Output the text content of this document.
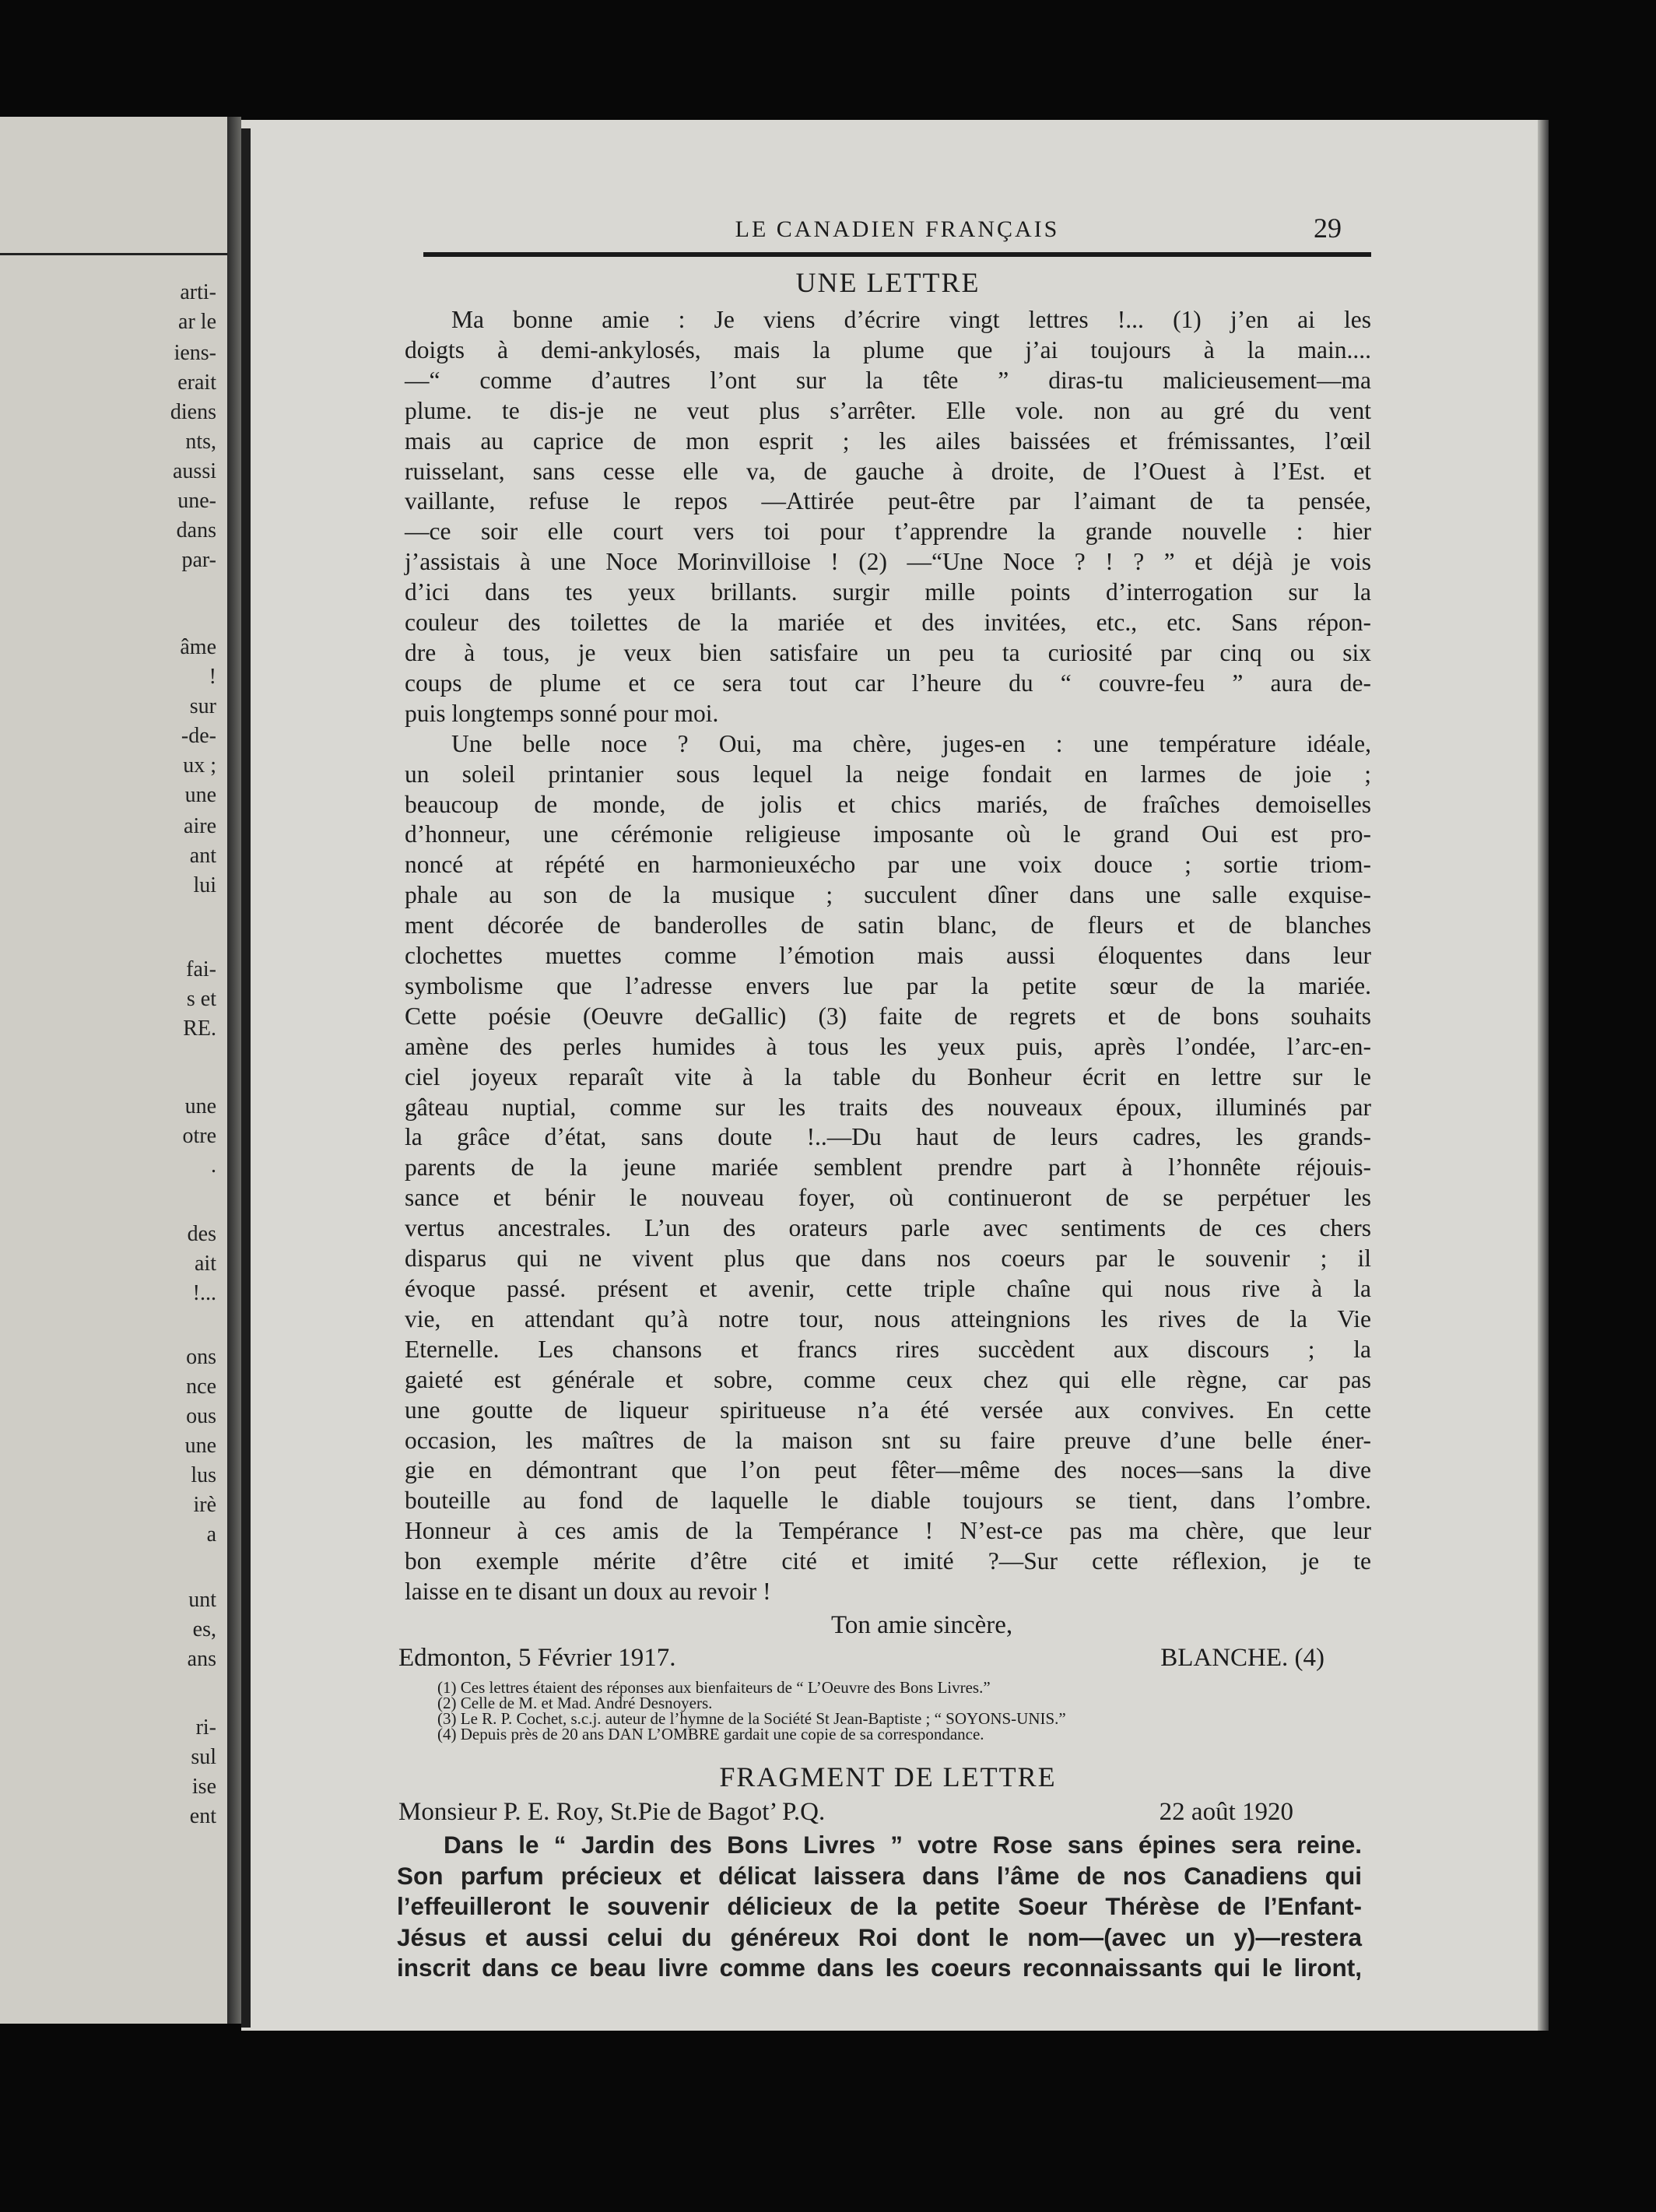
arti-
ar le
iens-
erait
diens
nts,
aussi
une-
dans
par-
âme
!
sur
-de-
ux ;
une
aire
ant
lui
fai-
s et
RE.
une
otre
.
des
ait
!...
ons
nce
ous
une
lus
irè
a
unt
es,
ans
ri-
sul
ise
ent
LE CANADIEN FRANÇAIS	29
UNE LETTRE

Ma bonne amie : Je viens d’écrire vingt lettres !... (1) j’en ai les

doigts à demi-ankylosés, mais la plume que j’ai toujours à la main....

—“ comme d’autres l’ont sur la tête ” diras-tu malicieusement—ma

plume. te dis-je ne veut plus s’arrêter. Elle vole. non au gré du vent

mais au caprice de mon esprit ; les ailes baissées et frémissantes, l’œil

ruisselant, sans cesse elle va, de gauche à droite, de l’Ouest à l’Est. et

vaillante, refuse le repos —Attirée peut-être par l’aimant de ta pensée,

—ce soir elle court vers toi pour t’apprendre la grande nouvelle : hier

j’assistais à une Noce Morinvilloise ! (2) —“Une Noce ? ! ? ” et déjà je vois

d’ici dans tes yeux brillants. surgir mille points d’interrogation sur la

couleur des toilettes de la mariée et des invitées, etc., etc. Sans répon-

dre à tous, je veux bien satisfaire un peu ta curiosité par cinq ou six

coups de plume et ce sera tout car l’heure du “ couvre-feu ” aura de-

puis longtemps sonné pour moi.

Une belle noce ? Oui, ma chère, juges-en : une température idéale,

un soleil printanier sous lequel la neige fondait en larmes de joie ;

beaucoup de monde, de jolis et chics mariés, de fraîches demoiselles

d’honneur, une cérémonie religieuse imposante où le grand Oui est pro-

noncé at répété en harmonieuxécho par une voix douce ; sortie triom-

phale au son de la musique ; succulent dîner dans une salle exquise-

ment décorée de banderolles de satin blanc, de fleurs et de blanches

clochettes muettes comme l’émotion mais aussi éloquentes dans leur

symbolisme que l’adresse envers lue par la petite sœur de la mariée.

Cette poésie (Oeuvre deGallic) (3) faite de regrets et de bons souhaits

amène des perles humides à tous les yeux puis, après l’ondée, l’arc-en-

ciel joyeux reparaît vite à la table du Bonheur écrit en lettre sur le

gâteau nuptial, comme sur les traits des nouveaux époux, illuminés par

la grâce d’état, sans doute !..—Du haut de leurs cadres, les grands-

parents de la jeune mariée semblent prendre part à l’honnête réjouis-

sance et bénir le nouveau foyer, où continueront de se perpétuer les

vertus ancestrales. L’un des orateurs parle avec sentiments de ces chers

disparus qui ne vivent plus que dans nos coeurs par le souvenir ; il

évoque passé. présent et avenir, cette triple chaîne qui nous rive à la

vie, en attendant qu’à notre tour, nous atteingnions les rives de la Vie

Eternelle. Les chansons et francs rires succèdent aux discours ; la

gaieté est générale et sobre, comme ceux chez qui elle règne, car pas

une goutte de liqueur spiritueuse n’a été versée aux convives. En cette

occasion, les maîtres de la maison snt su faire preuve d’une belle éner-

gie en démontrant que l’on peut fêter—même des noces—sans la dive

bouteille au fond de laquelle le diable toujours se tient, dans l’ombre.

Honneur à ces amis de la Tempérance ! N’est-ce pas ma chère, que leur

bon exemple mérite d’être cité et imité ?—Sur cette réflexion, je te

laisse en te disant un doux au revoir !

Ton amie sincère,
Edmonton, 5 Février 1917.	BLANCHE. (4)
(1) Ces lettres étaient des réponses aux bienfaiteurs de “ L’Oeuvre des Bons Livres.”
(2) Celle de M. et Mad. André Desnoyers.
(3) Le R. P. Cochet, s.c.j. auteur de l’hymne de la Société St Jean-Baptiste ; “ SOYONS-UNIS.”
(4) Depuis près de 20 ans DAN L’OMBRE gardait une copie de sa correspondance.
FRAGMENT DE LETTRE
Monsieur P. E. Roy, St.Pie de Bagot’ P.Q.	22 août 1920

Dans le “ Jardin des Bons Livres ” votre Rose sans épines sera reine.

Son parfum précieux et délicat laissera dans l’âme de nos Canadiens qui

l’effeuilleront le souvenir délicieux de la petite Soeur Thérèse de l’Enfant-

Jésus et aussi celui du généreux Roi dont le nom—(avec un y)—restera

inscrit dans ce beau livre comme dans les coeurs reconnaissants qui le liront,
